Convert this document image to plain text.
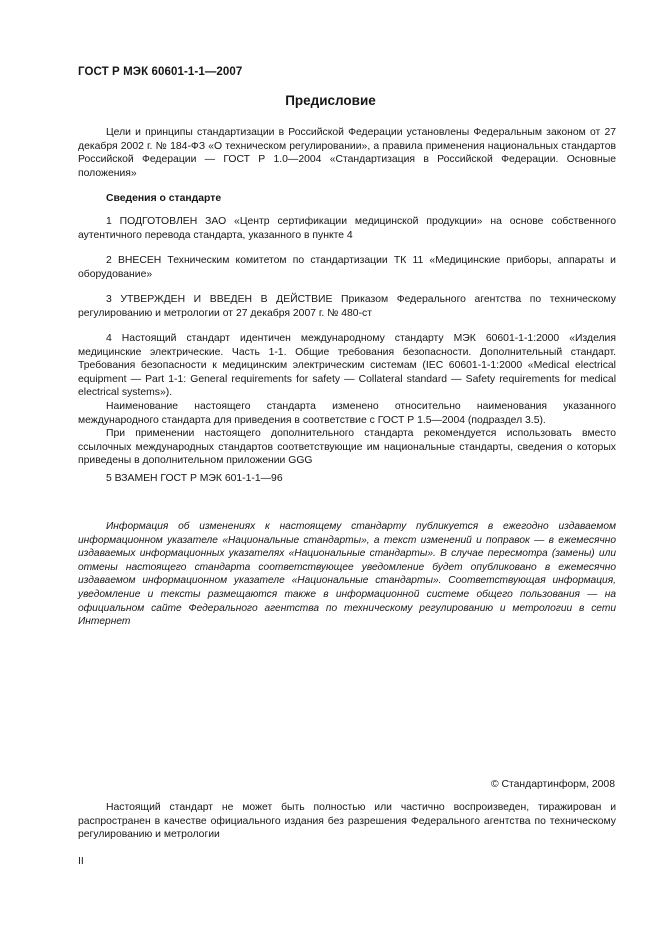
ГОСТ Р МЭК 60601-1-1—2007
Предисловие

Цели и принципы стандартизации в Российской Федерации установлены Федеральным законом от 27 декабря 2002 г. № 184-ФЗ «О техническом регулировании», а правила применения национальных стандартов Российской Федерации — ГОСТ Р 1.0—2004 «Стандартизация в Российской Федерации. Основные положения»

Сведения о стандарте

1 ПОДГОТОВЛЕН ЗАО «Центр сертификации медицинской продукции» на основе собственного аутентичного перевода стандарта, указанного в пункте 4

2 ВНЕСЕН Техническим комитетом по стандартизации ТК 11 «Медицинские приборы, аппараты и оборудование»

3 УТВЕРЖДЕН И ВВЕДЕН В ДЕЙСТВИЕ Приказом Федерального агентства по техническому регулированию и метрологии от 27 декабря 2007 г. № 480-ст

4 Настоящий стандарт идентичен международному стандарту МЭК 60601-1-1:2000 «Изделия медицинские электрические. Часть 1-1. Общие требования безопасности. Дополнительный стандарт. Требования безопасности к медицинским электрическим системам (IEC 60601-1-1:2000 «Medical electrical equipment — Part 1-1: General requirements for safety — Collateral standard — Safety requirements for medical electrical systems»).

Наименование настоящего стандарта изменено относительно наименования указанного международного стандарта для приведения в соответствие с ГОСТ Р 1.5—2004 (подраздел 3.5).

При применении настоящего дополнительного стандарта рекомендуется использовать вместо ссылочных международных стандартов соответствующие им национальные стандарты, сведения о которых приведены в дополнительном приложении GGG

5 ВЗАМЕН ГОСТ Р МЭК 601-1-1—96

Информация об изменениях к настоящему стандарту публикуется в ежегодно издаваемом информационном указателе «Национальные стандарты», а текст изменений и поправок — в ежемесячно издаваемых информационных указателях «Национальные стандарты». В случае пересмотра (замены) или отмены настоящего стандарта соответствующее уведомление будет опубликовано в ежемесячно издаваемом информационном указателе «Национальные стандарты». Соответствующая информация, уведомление и тексты размещаются также в информационной системе общего пользования — на официальном сайте Федерального агентства по техническому регулированию и метрологии в сети Интернет

© Стандартинформ, 2008

Настоящий стандарт не может быть полностью или частично воспроизведен, тиражирован и распространен в качестве официального издания без разрешения Федерального агентства по техническому регулированию и метрологии

II
